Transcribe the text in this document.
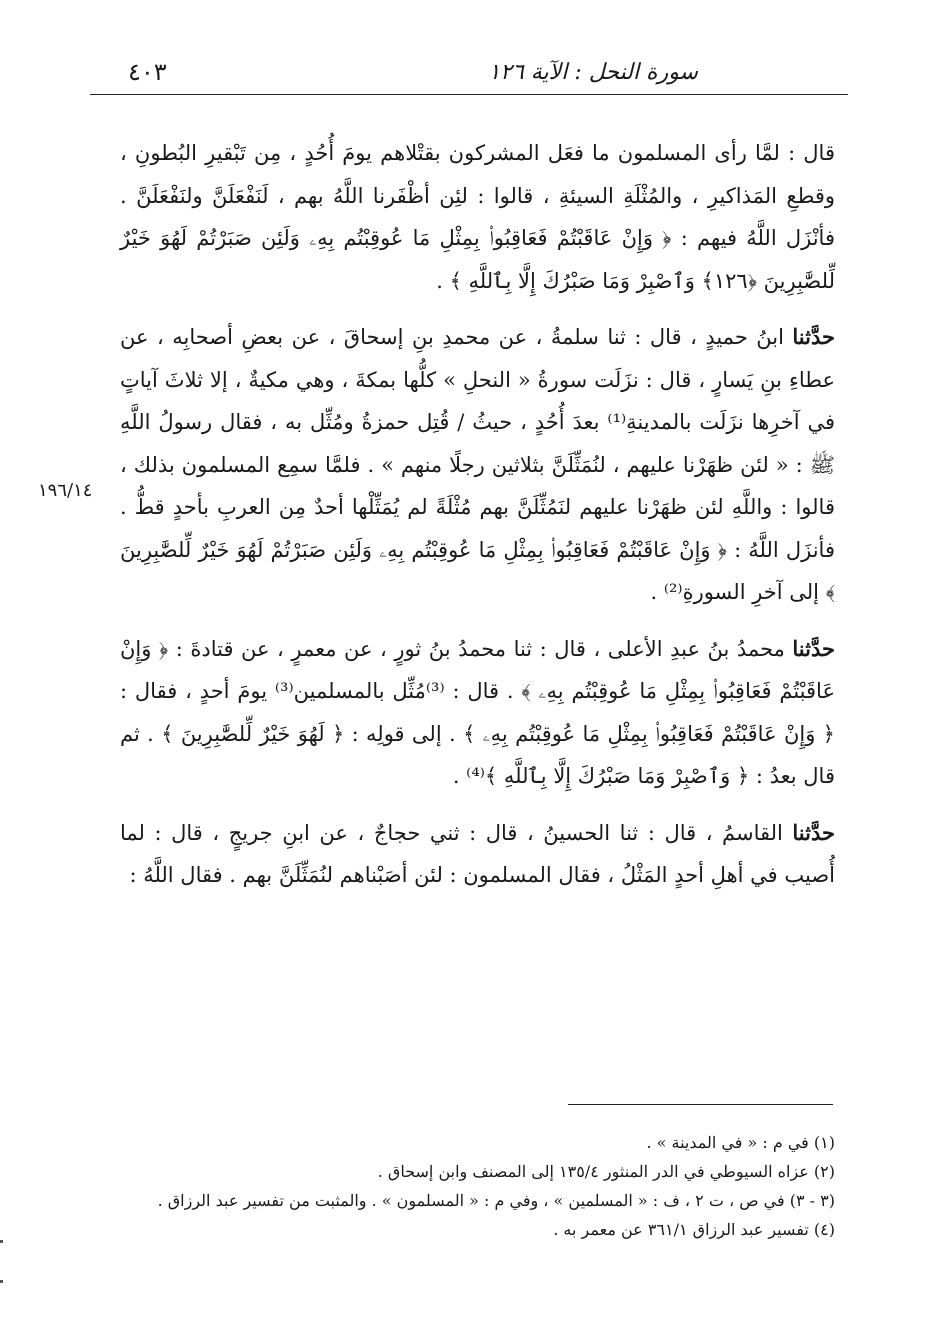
سورة النحل : الآية ١٢٦
٤٠٣

قال : لمَّا رأى المسلمون ما فعَل المشركون بقتْلاهم يومَ أُحُدٍ ، مِن تَبْقيرِ البُطونِ ، وقطعِ المَذاكيرِ ، والمُثْلَةِ السيئةِ ، قالوا : لئِن أظْفَرنا اللَّهُ بهم ، لَنَفْعَلَنَّ ولنَفْعَلَنَّ . فأنْزَل اللَّهُ فيهم : ﴿ وَإِنْ عَاقَبْتُمْ فَعَاقِبُوا۟ بِمِثْلِ مَا عُوقِبْتُم بِهِۦ وَلَئِن صَبَرْتُمْ لَهُوَ خَيْرٌ لِّلصَّٰبِرِينَ ﴿١٢٦﴾ وَٱصْبِرْ وَمَا صَبْرُكَ إِلَّا بِٱللَّهِ ﴾ .

حدَّثنا ابنُ حميدٍ ، قال : ثنا سلمةُ ، عن محمدِ بنِ إسحاقَ ، عن بعضِ أصحابِه ، عن عطاءِ بنِ يَسارٍ ، قال : نزَلَت سورةُ « النحلِ » كلُّها بمكةَ ، وهي مكيةٌ ، إلا ثلاثَ آياتٍ في آخرِها نزَلَت بالمدينةِ⁽¹⁾ بعدَ أُحُدٍ ، حيثُ / قُتِل حمزةُ ومُثِّل به ، فقال رسولُ اللَّهِ ﷺ : « لئن ظهَرْنا عليهم ، لنُمَثِّلَنَّ بثلاثين رجلًا منهم » . فلمَّا سمِع المسلمون بذلك ، قالوا : واللَّهِ لئن ظهَرْنا عليهم لنَمُثِّلَنَّ بهم مُثْلَةً لم يُمَثِّلْها أحدٌ مِن العربِ بأحدٍ قطُّ . فأنزَل اللَّهُ : ﴿ وَإِنْ عَاقَبْتُمْ فَعَاقِبُوا۟ بِمِثْلِ مَا عُوقِبْتُم بِهِۦ وَلَئِن صَبَرْتُمْ لَهُوَ خَيْرٌ لِّلصَّٰبِرِينَ ﴾ إلى آخرِ السورةِ⁽²⁾ .

حدَّثنا محمدُ بنُ عبدِ الأعلى ، قال : ثنا محمدُ بنُ ثورٍ ، عن معمرٍ ، عن قتادةَ : ﴿ وَإِنْ عَاقَبْتُمْ فَعَاقِبُوا۟ بِمِثْلِ مَا عُوقِبْتُم بِهِۦ ﴾ . قال : ⁽³⁾مُثِّل بالمسلمين⁽³⁾ يومَ أحدٍ ، فقال : ﴿ وَإِنْ عَاقَبْتُمْ فَعَاقِبُوا۟ بِمِثْلِ مَا عُوقِبْتُم بِهِۦ ﴾ . إلى قولِه : ﴿ لَهُوَ خَيْرٌ لِّلصَّٰبِرِينَ ﴾ . ثم قال بعدُ : ﴿ وَٱصْبِرْ وَمَا صَبْرُكَ إِلَّا بِٱللَّهِ ﴾⁽⁴⁾ .

حدَّثنا القاسمُ ، قال : ثنا الحسينُ ، قال : ثني حجاجٌ ، عن ابنِ جريجٍ ، قال : لما أُصيب في أهلِ أحدٍ المَثْلُ ، فقال المسلمون : لئن أصَبْناهم لنُمَثِّلَنَّ بهم . فقال اللَّهُ :

١٩٦/١٤

(١) في م : « في المدينة » .

(٢) عزاه السيوطي في الدر المنثور ١٣٥/٤ إلى المصنف وابن إسحاق .

(٣ - ٣) في ص ، ت ٢ ، ف : « المسلمين » ، وفي م : « المسلمون » . والمثبت من تفسير عبد الرزاق .

(٤) تفسير عبد الرزاق ٣٦١/١ عن معمر به .
